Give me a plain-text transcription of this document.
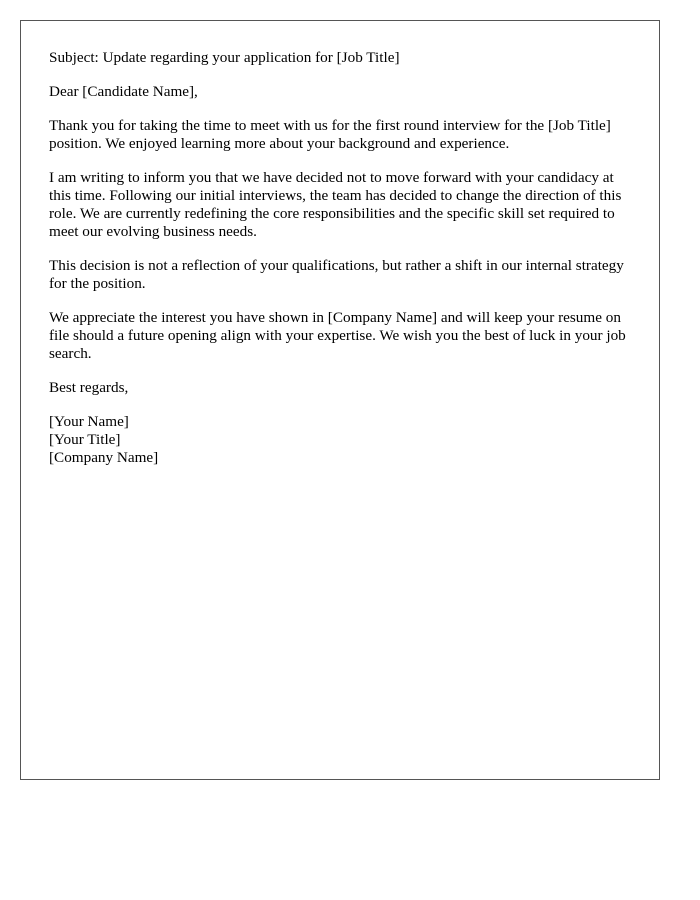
Subject: Update regarding your application for [Job Title]

Dear [Candidate Name],

Thank you for taking the time to meet with us for the first round interview for the [Job Title] position. We enjoyed learning more about your background and experience.

I am writing to inform you that we have decided not to move forward with your candidacy at this time. Following our initial interviews, the team has decided to change the direction of this role. We are currently redefining the core responsibilities and the specific skill set required to meet our evolving business needs.

This decision is not a reflection of your qualifications, but rather a shift in our internal strategy for the position.

We appreciate the interest you have shown in [Company Name] and will keep your resume on file should a future opening align with your expertise. We wish you the best of luck in your job search.

Best regards,

[Your Name]

[Your Title]

[Company Name]
